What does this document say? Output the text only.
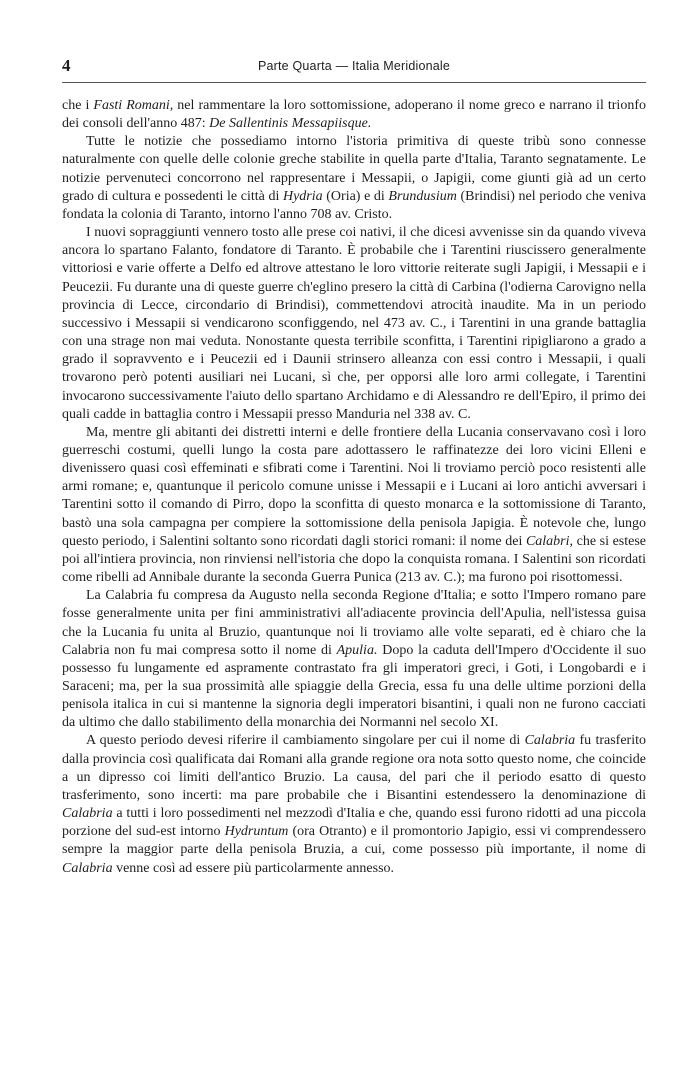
4	Parte Quarta — Italia Meridionale

che i Fasti Romani, nel rammentare la loro sottomissione, adoperano il nome greco e narrano il trionfo dei consoli dell'anno 487: De Sallentinis Messapiisque.

Tutte le notizie che possediamo intorno l'istoria primitiva di queste tribù sono connesse naturalmente con quelle delle colonie greche stabilite in quella parte d'Italia, Taranto segnatamente. Le notizie pervenuteci concorrono nel rappresentare i Messapii, o Japigii, come giunti già ad un certo grado di cultura e possedenti le città di Hydria (Oria) e di Brundusium (Brindisi) nel periodo che veniva fondata la colonia di Taranto, intorno l'anno 708 av. Cristo.

I nuovi sopraggiunti vennero tosto alle prese coi nativi, il che dicesi avvenisse sin da quando viveva ancora lo spartano Falanto, fondatore di Taranto. È probabile che i Tarentini riuscissero generalmente vittoriosi e varie offerte a Delfo ed altrove attestano le loro vittorie reiterate sugli Japigii, i Messapii e i Peucezii. Fu durante una di queste guerre ch'eglino presero la città di Carbina (l'odierna Carovigno nella provincia di Lecce, circondario di Brindisi), commettendovi atrocità inaudite. Ma in un periodo successivo i Messapii si vendicarono sconfiggendo, nel 473 av. C., i Tarentini in una grande battaglia con una strage non mai veduta. Nonostante questa terribile sconfitta, i Tarentini ripigliarono a grado a grado il sopravvento e i Peucezii ed i Daunii strinsero alleanza con essi contro i Messapii, i quali trovarono però potenti ausiliari nei Lucani, sì che, per opporsi alle loro armi collegate, i Tarentini invocarono successivamente l'aiuto dello spartano Archidamo e di Alessandro re dell'Epiro, il primo dei quali cadde in battaglia contro i Messapii presso Manduria nel 338 av. C.

Ma, mentre gli abitanti dei distretti interni e delle frontiere della Lucania conservavano così i loro guerreschi costumi, quelli lungo la costa pare adottassero le raffinatezze dei loro vicini Elleni e divenissero quasi così effeminati e sfibrati come i Tarentini. Noi li troviamo perciò poco resistenti alle armi romane; e, quantunque il pericolo comune unisse i Messapii e i Lucani ai loro antichi avversari i Tarentini sotto il comando di Pirro, dopo la sconfitta di questo monarca e la sottomissione di Taranto, bastò una sola campagna per compiere la sottomissione della penisola Japigia. È notevole che, lungo questo periodo, i Salentini soltanto sono ricordati dagli storici romani: il nome dei Calabri, che si estese poi all'intiera provincia, non rinviensi nell'istoria che dopo la conquista romana. I Salentini son ricordati come ribelli ad Annibale durante la seconda Guerra Punica (213 av. C.); ma furono poi risottomessi.

La Calabria fu compresa da Augusto nella seconda Regione d'Italia; e sotto l'Impero romano pare fosse generalmente unita per fini amministrativi all'adiacente provincia dell'Apulia, nell'istessa guisa che la Lucania fu unita al Bruzio, quantunque noi li troviamo alle volte separati, ed è chiaro che la Calabria non fu mai compresa sotto il nome di Apulia. Dopo la caduta dell'Impero d'Occidente il suo possesso fu lungamente ed aspramente contrastato fra gli imperatori greci, i Goti, i Longobardi e i Saraceni; ma, per la sua prossimità alle spiaggie della Grecia, essa fu una delle ultime porzioni della penisola italica in cui si mantenne la signoria degli imperatori bisantini, i quali non ne furono cacciati da ultimo che dallo stabilimento della monarchia dei Normanni nel secolo XI.

A questo periodo devesi riferire il cambiamento singolare per cui il nome di Calabria fu trasferito dalla provincia così qualificata dai Romani alla grande regione ora nota sotto questo nome, che coincide a un dipresso coi limiti dell'antico Bruzio. La causa, del pari che il periodo esatto di questo trasferimento, sono incerti: ma pare probabile che i Bisantini estendessero la denominazione di Calabria a tutti i loro possedimenti nel mezzodì d'Italia e che, quando essi furono ridotti ad una piccola porzione del sud-est intorno Hydruntum (ora Otranto) e il promontorio Japigio, essi vi comprendessero sempre la maggior parte della penisola Bruzia, a cui, come possesso più importante, il nome di Calabria venne così ad essere più particolarmente annesso.
